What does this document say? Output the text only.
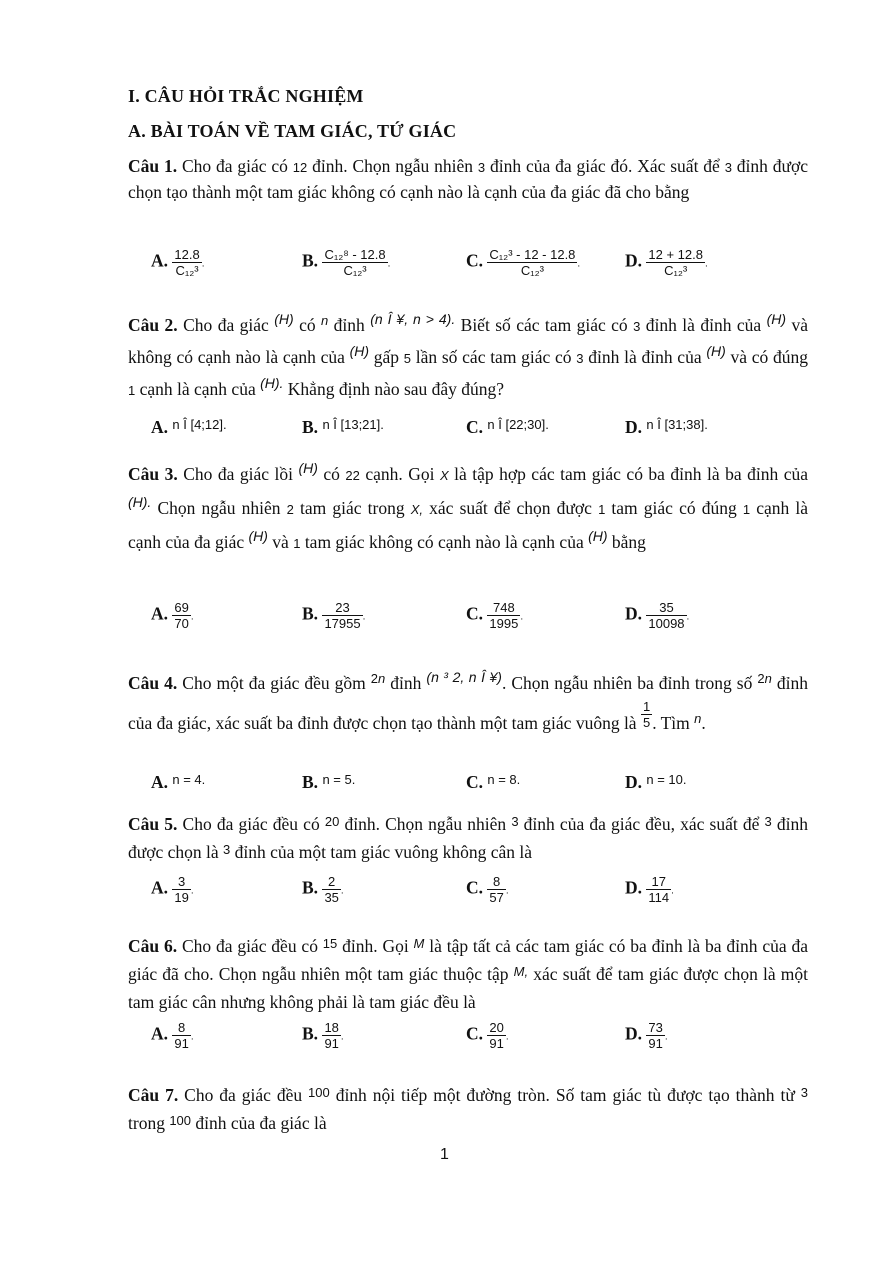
I. CÂU HỎI TRẮC NGHIỆM
A. BÀI TOÁN VỀ TAM GIÁC, TỨ GIÁC
Câu 1. Cho đa giác có 12 đỉnh. Chọn ngẫu nhiên 3 đỉnh của đa giác đó. Xác suất để 3 đỉnh được chọn tạo thành một tam giác không có cạnh nào là cạnh của đa giác đã cho bằng
A. $\frac{12.8}{\text{C₁₂³}}$ .	B. $\frac{\text{C₁₂⁸ - 12.8}}{\text{C₁₂³}}$ .	C. $\frac{\text{C₁₂³ - 12 - 12.8}}{\text{C₁₂³}}$ .	D. $\frac{12 + 12.8}{\text{C₁₂³}}$ .
Câu 2. Cho đa giác $^{(H)}$ có $^n$ đỉnh $^{(n Î ¥, n > 4).}$ Biết số các tam giác có 3 đỉnh là đỉnh của $^{(H)}$ và không có cạnh nào là cạnh của $^{(H)}$ gấp 5 lần số các tam giác có 3 đỉnh là đỉnh của $^{(H)}$ và có đúng 1 cạnh là cạnh của $^{(H).}$ Khẳng định nào sau đây đúng?
A. $^{n Î [4;12].}$	B. $^{n Î [13;21].}$	C. $^{n Î [22;30].}$	D. $^{n Î [31;38].}$
Câu 3. Cho đa giác lồi $^{(H)}$ có 22 cạnh. Gọi X là tập hợp các tam giác có ba đỉnh là ba đỉnh của $^{(H).}$ Chọn ngẫu nhiên 2 tam giác trong X, xác suất để chọn được 1 tam giác có đúng 1 cạnh là cạnh của đa giác $^{(H)}$ và 1 tam giác không có cạnh nào là cạnh của $^{(H)}$ bằng
A. $\frac{69}{70}$ .	B. $\frac{23}{17955}$ .	C. $\frac{748}{1995}$ .	D. $\frac{35}{10098}$ .
Câu 4. Cho một đa giác đều gồm $^{2n}$ đỉnh $^{(n ^3 2, n Î ¥)}$. Chọn ngẫu nhiên ba đỉnh trong số $^{2n}$ đỉnh của đa giác, xác suất ba đỉnh được chọn tạo thành một tam giác vuông là $\frac{1}{5}$ . Tìm $^n$.
A. $^{n = 4.}$	B. $^{n = 5.}$	C. $^{n = 8.}$	D. $^{n = 10.}$
Câu 5. Cho đa giác đều có $^{20}$ đỉnh. Chọn ngẫu nhiên $^3$ đỉnh của đa giác đều, xác suất để $^3$ đỉnh được chọn là $^3$ đỉnh của một tam giác vuông không cân là
A. $\frac{3}{19}$ .	B. $\frac{2}{35}$ .	C. $\frac{8}{57}$ .	D. $\frac{17}{114}$ .
Câu 6. Cho đa giác đều có $^{15}$ đỉnh. Gọi $^M$ là tập tất cả các tam giác có ba đỉnh là ba đỉnh của đa giác đã cho. Chọn ngẫu nhiên một tam giác thuộc tập $^{M,}$ xác suất để tam giác được chọn là một tam giác cân nhưng không phải là tam giác đều là
A. $\frac{8}{91}$ .	B. $\frac{18}{91}$ .	C. $\frac{20}{91}$ .	D. $\frac{73}{91}$ .
Câu 7. Cho đa giác đều $^{100}$ đỉnh nội tiếp một đường tròn. Số tam giác tù được tạo thành từ $^3$ trong $^{100}$ đỉnh của đa giác là
1
